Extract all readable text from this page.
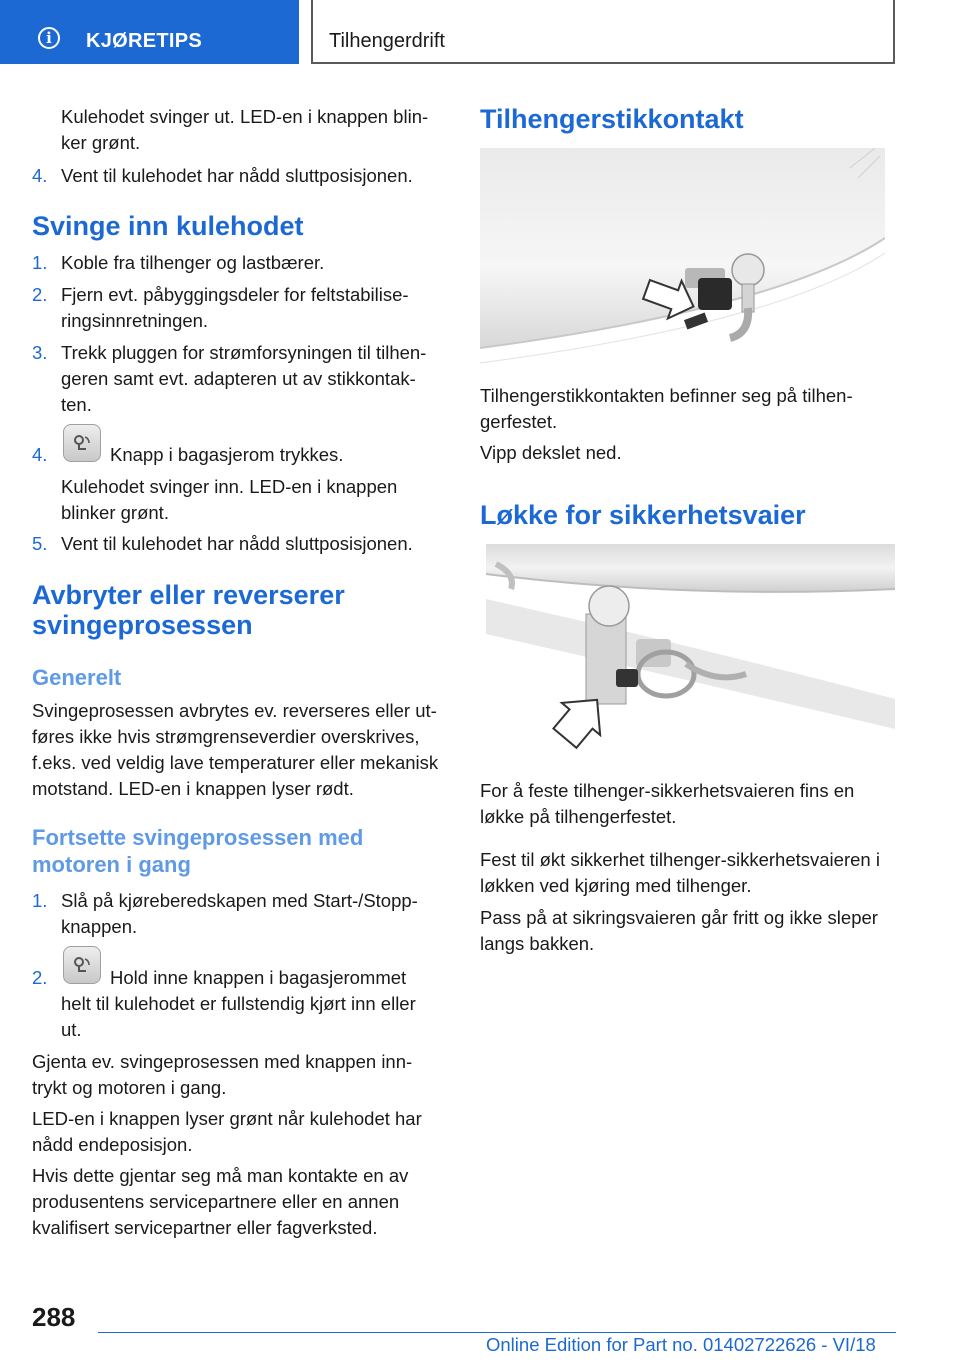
i	KJØRETIPS	Tilhengerdrift
Kulehodet svinger ut. LED-en i knappen blin-
ker grønt.
4. Vent til kulehodet har nådd sluttposisjonen.
Svinge inn kulehodet
1. Koble fra tilhenger og lastbærer.
2. Fjern evt. påbyggingsdeler for feltstabilise-
ringsinnretningen.
3. Trekk pluggen for strømforsyningen til tilhen-
geren samt evt. adapteren ut av stikkontak-
ten.
4.	Knapp i bagasjerom trykkes.
Kulehodet svinger inn. LED-en i knappen
blinker grønt.
5. Vent til kulehodet har nådd sluttposisjonen.
Avbryter eller reverserer
svingeprosessen
Generelt
Svingeprosessen avbrytes ev. reverseres eller ut-
føres ikke hvis strømgrenseverdier overskrives,
f.eks. ved veldig lave temperaturer eller mekanisk
motstand. LED-en i knappen lyser rødt.
Fortsette svingeprosessen med
motoren i gang
1. Slå på kjøreberedskapen med Start-/Stopp-
knappen.
2.	Hold inne knappen i bagasjerommet
helt til kulehodet er fullstendig kjørt inn eller
ut.
Gjenta ev. svingeprosessen med knappen inn-
trykt og motoren i gang.
LED-en i knappen lyser grønt når kulehodet har
nådd endeposisjon.
Hvis dette gjentar seg må man kontakte en av
produsentens servicepartnere eller en annen
kvalifisert servicepartner eller fagverksted.
Tilhengerstikkontakt
Tilhengerstikkontakten befinner seg på tilhen-
gerfestet.
Vipp dekslet ned.
Løkke for sikkerhetsvaier
For å feste tilhenger-sikkerhetsvaieren fins en
løkke på tilhengerfestet.
Fest til økt sikkerhet tilhenger-sikkerhetsvaieren i
løkken ved kjøring med tilhenger.
Pass på at sikringsvaieren går fritt og ikke sleper
langs bakken.
288
Online Edition for Part no. 01402722626 - VI/18
